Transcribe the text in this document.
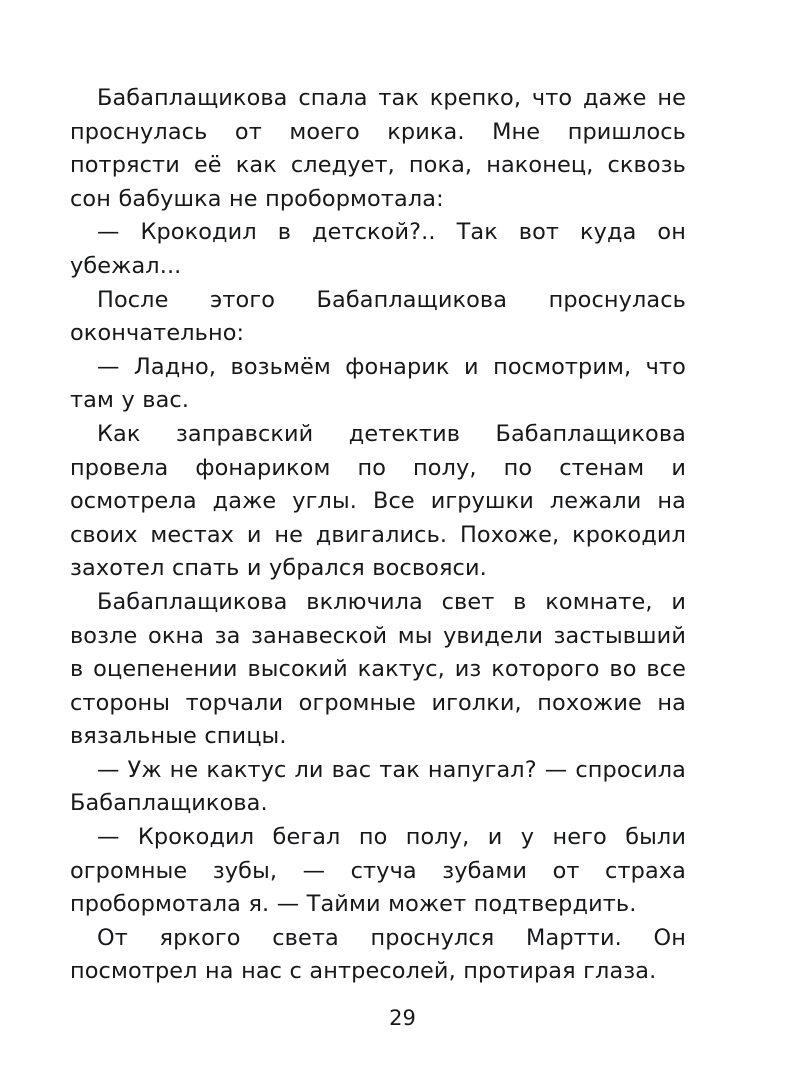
Бабаплащикова спала так крепко, что даже не проснулась от моего крика. Мне пришлось потрясти её как следует, пока, наконец, сквозь сон бабушка не пробормотала:

— Крокодил в детской?.. Так вот куда он убежал...

После этого Бабаплащикова проснулась окончательно:

— Ладно, возьмём фонарик и посмотрим, что там у вас.

Как заправский детектив Бабаплащикова провела фонариком по полу, по стенам и осмотрела даже углы. Все игрушки лежали на своих местах и не двигались. Похоже, крокодил захотел спать и убрался восвояси.

Бабаплащикова включила свет в комнате, и возле окна за занавеской мы увидели застывший в оцепенении высокий кактус, из которого во все стороны торчали огромные иголки, похожие на вязальные спицы.

— Уж не кактус ли вас так напугал? — спросила Бабаплащикова.

— Крокодил бегал по полу, и у него были огромные зубы, — стуча зубами от страха пробормотала я. — Тайми может подтвердить.

От яркого света проснулся Мартти. Он посмотрел на нас с антресолей, протирая глаза.

29
